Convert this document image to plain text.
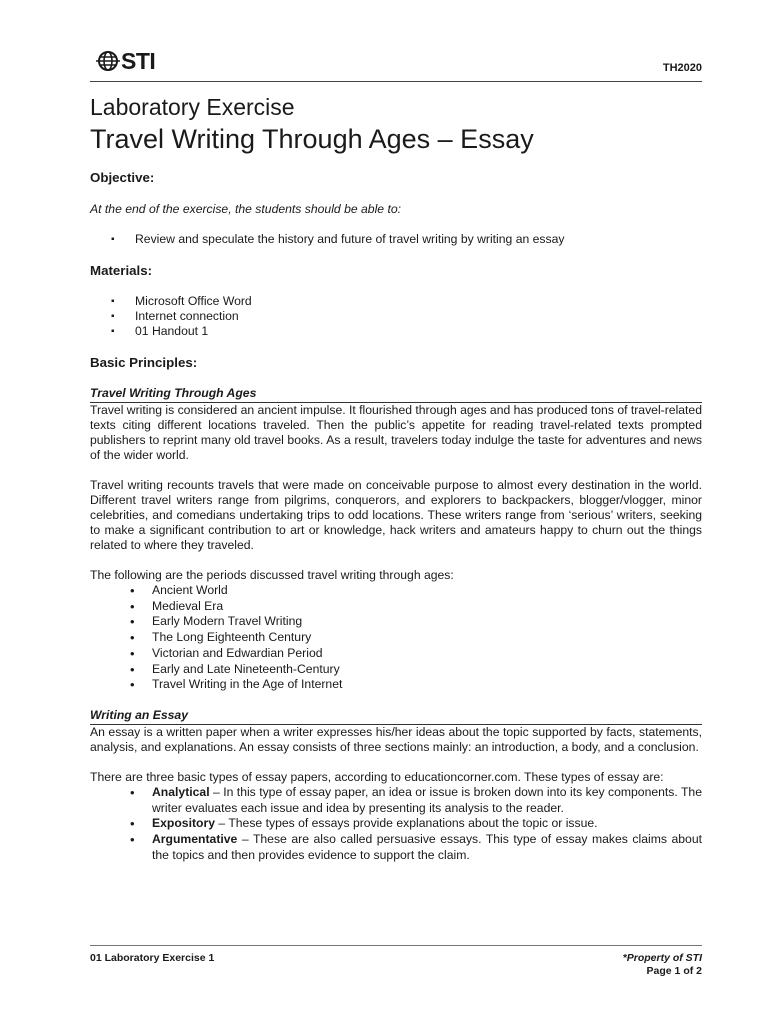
STI	TH2020
Laboratory Exercise
Travel Writing Through Ages – Essay
Objective:
At the end of the exercise, the students should be able to:
▪ Review and speculate the history and future of travel writing by writing an essay
Materials:
▪ Microsoft Office Word
▪ Internet connection
▪ 01 Handout 1
Basic Principles:
Travel Writing Through Ages

Travel writing is considered an ancient impulse. It flourished through ages and has produced tons of travel-related texts citing different locations traveled. Then the public’s appetite for reading travel-related texts prompted publishers to reprint many old travel books. As a result, travelers today indulge the taste for adventures and news of the wider world.

Travel writing recounts travels that were made on conceivable purpose to almost every destination in the world. Different travel writers range from pilgrims, conquerors, and explorers to backpackers, blogger/vlogger, minor celebrities, and comedians undertaking trips to odd locations. These writers range from ‘serious’ writers, seeking to make a significant contribution to art or knowledge, hack writers and amateurs happy to churn out the things related to where they traveled.

The following are the periods discussed travel writing through ages:

• Ancient World
• Medieval Era
• Early Modern Travel Writing
• The Long Eighteenth Century
• Victorian and Edwardian Period
• Early and Late Nineteenth-Century
• Travel Writing in the Age of Internet
Writing an Essay

An essay is a written paper when a writer expresses his/her ideas about the topic supported by facts, statements, analysis, and explanations. An essay consists of three sections mainly: an introduction, a body, and a conclusion.

There are three basic types of essay papers, according to educationcorner.com. These types of essay are:

• Analytical – In this type of essay paper, an idea or issue is broken down into its key components. The writer evaluates each issue and idea by presenting its analysis to the reader.
• Expository – These types of essays provide explanations about the topic or issue.
• Argumentative – These are also called persuasive essays. This type of essay makes claims about the topics and then provides evidence to support the claim.
01 Laboratory Exercise 1	*Property of STI
Page 1 of 2
